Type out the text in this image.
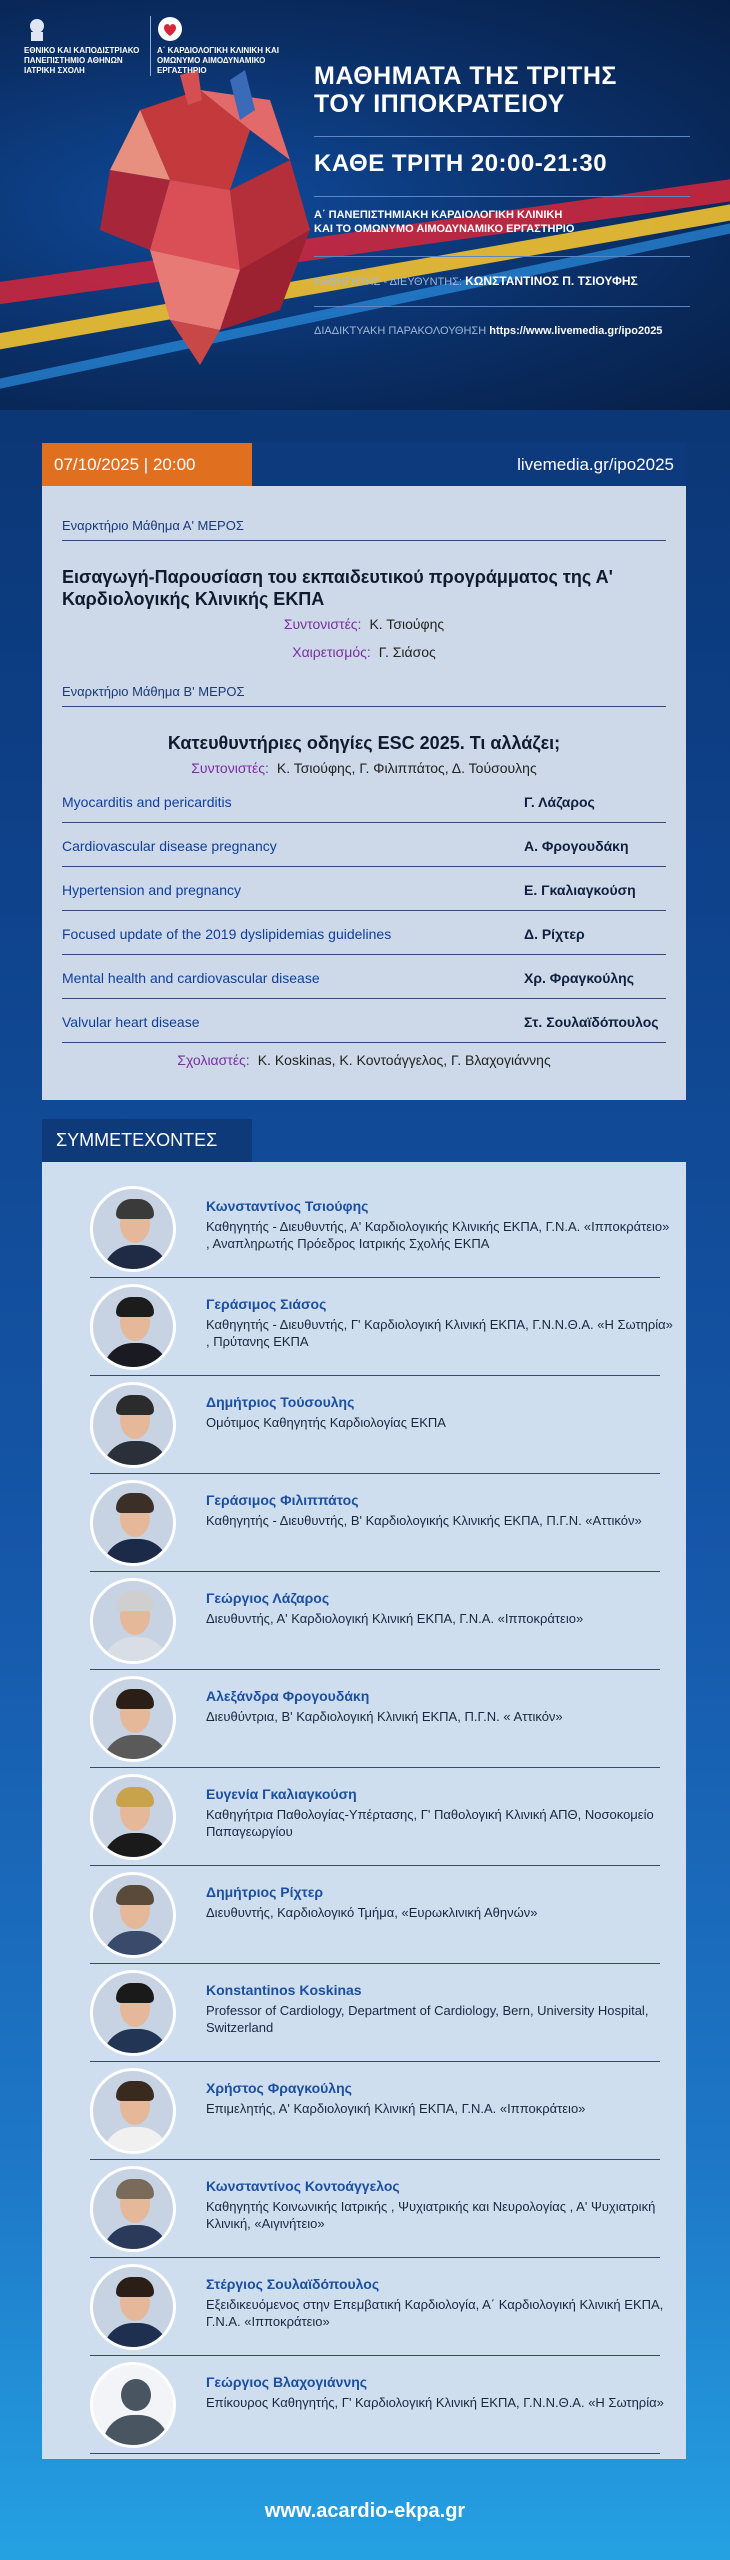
ΕΘΝΙΚΟ ΚΑΙ ΚΑΠΟΔΙΣΤΡΙΑΚΟ ΠΑΝΕΠΙΣΤΗΜΙΟ ΑΘΗΝΩΝ ΙΑΤΡΙΚΗ ΣΧΟΛΗ
Α΄ ΚΑΡΔΙΟΛΟΓΙΚΗ ΚΛΙΝΙΚΗ ΚΑΙ ΟΜΩΝΥΜΟ ΑΙΜΟΔΥΝΑΜΙΚΟ ΕΡΓΑΣΤΗΡΙΟ	ΜΑΘΗΜΑΤΑ ΤΗΣ ΤΡΙΤΗΣ
ΤΟΥ ΙΠΠΟΚΡΑΤΕΙΟΥ
ΚΑΘΕ ΤΡΙΤΗ 20:00-21:30
Α΄ ΠΑΝΕΠΙΣΤΗΜΙΑΚΗ ΚΑΡΔΙΟΛΟΓΙΚΗ ΚΛΙΝΙΚΗ
ΚΑΙ ΤΟ ΟΜΩΝΥΜΟ ΑΙΜΟΔΥΝΑΜΙΚΟ ΕΡΓΑΣΤΗΡΙΟ
ΚΑΘΗΓΗΤΗΣ - ΔΙΕΥΘΥΝΤΗΣ: ΚΩΝΣΤΑΝΤΙΝΟΣ Π. ΤΣΙΟΥΦΗΣ
ΔΙΑΔΙΚΤΥΑΚΗ ΠΑΡΑΚΟΛΟΥΘΗΣΗ https://www.livemedia.gr/ipo2025
07/10/2025 | 20:00	livemedia.gr/ipo2025
Εναρκτήριο Μάθημα Α' ΜΕΡΟΣ
Εισαγωγή-Παρουσίαση του εκπαιδευτικού προγράμματος της Α' Καρδιολογικής Κλινικής ΕΚΠΑ
Συντονιστές: Κ. Τσιούφης
Χαιρετισμός: Γ. Σιάσος
Εναρκτήριο Μάθημα Β' ΜΕΡΟΣ
Κατευθυντήριες οδηγίες ESC 2025. Τι αλλάζει;
Συντονιστές: Κ. Τσιούφης, Γ. Φιλιππάτος, Δ. Τούσουλης
Myocarditis and pericarditis	Γ. Λάζαρος
Cardiovascular disease pregnancy	Α. Φρογουδάκη
Hypertension and pregnancy	Ε. Γκαλιαγκούση
Focused update of the 2019 dyslipidemias guidelines	Δ. Ρίχτερ
Mental health and cardiovascular disease	Χρ. Φραγκούλης
Valvular heart disease	Στ. Σουλαϊδόπουλος
Σχολιαστές: K. Koskinas, Κ. Κοντοάγγελος, Γ. Βλαχογιάννης
ΣΥΜΜΕΤΕΧΟΝΤΕΣ
Κωνσταντίνος Τσιούφης
Καθηγητής - Διευθυντής, Α' Καρδιολογικής Κλινικής ΕΚΠΑ, Γ.Ν.Α. «Ιπποκράτειο» , Αναπληρωτής Πρόεδρος Ιατρικής Σχολής ΕΚΠΑ
Γεράσιμος Σιάσος
Καθηγητής - Διευθυντής, Γ' Καρδιολογική Κλινική ΕΚΠΑ, Γ.Ν.Ν.Θ.Α. «Η Σωτηρία» , Πρύτανης ΕΚΠΑ
Δημήτριος Τούσουλης
Ομότιμος Καθηγητής Καρδιολογίας ΕΚΠΑ
Γεράσιμος Φιλιππάτος
Καθηγητής - Διευθυντής, Β' Καρδιολογικής Κλινικής ΕΚΠΑ, Π.Γ.Ν. «Αττικόν»
Γεώργιος Λάζαρος
Διευθυντής, Α' Καρδιολογική Κλινική ΕΚΠΑ, Γ.Ν.Α. «Ιπποκράτειο»
Αλεξάνδρα Φρογουδάκη
Διευθύντρια, Β' Καρδιολογική Κλινική ΕΚΠΑ, Π.Γ.Ν. « Αττικόν»
Ευγενία Γκαλιαγκούση
Καθηγήτρια Παθολογίας-Υπέρτασης, Γ' Παθολογική Κλινική ΑΠΘ, Νοσοκομείο Παπαγεωργίου
Δημήτριος Ρίχτερ
Διευθυντής, Καρδιολογικό Τμήμα, «Ευρωκλινική Αθηνών»
Konstantinos Koskinas
Professor of Cardiology, Department of Cardiology, Bern, University Hospital, Switzerland
Χρήστος Φραγκούλης
Επιμελητής, Α' Καρδιολογική Κλινική ΕΚΠΑ, Γ.Ν.Α. «Ιπποκράτειο»
Κωνσταντίνος Κοντοάγγελος
Καθηγητής Κοινωνικής Ιατρικής , Ψυχιατρικής και Νευρολογίας , Α' Ψυχιατρική Κλινική, «Αιγινήτειο»
Στέργιος Σουλαϊδόπουλος
Εξειδικευόμενος στην Επεμβατική Καρδιολογία, Α΄ Καρδιολογική Κλινική ΕΚΠΑ, Γ.Ν.Α. «Ιπποκράτειο»
Γεώργιος Βλαχογιάννης
Επίκουρος Καθηγητής, Γ' Καρδιολογική Κλινική ΕΚΠΑ, Γ.Ν.Ν.Θ.Α. «Η Σωτηρία»
www.acardio-ekpa.gr
